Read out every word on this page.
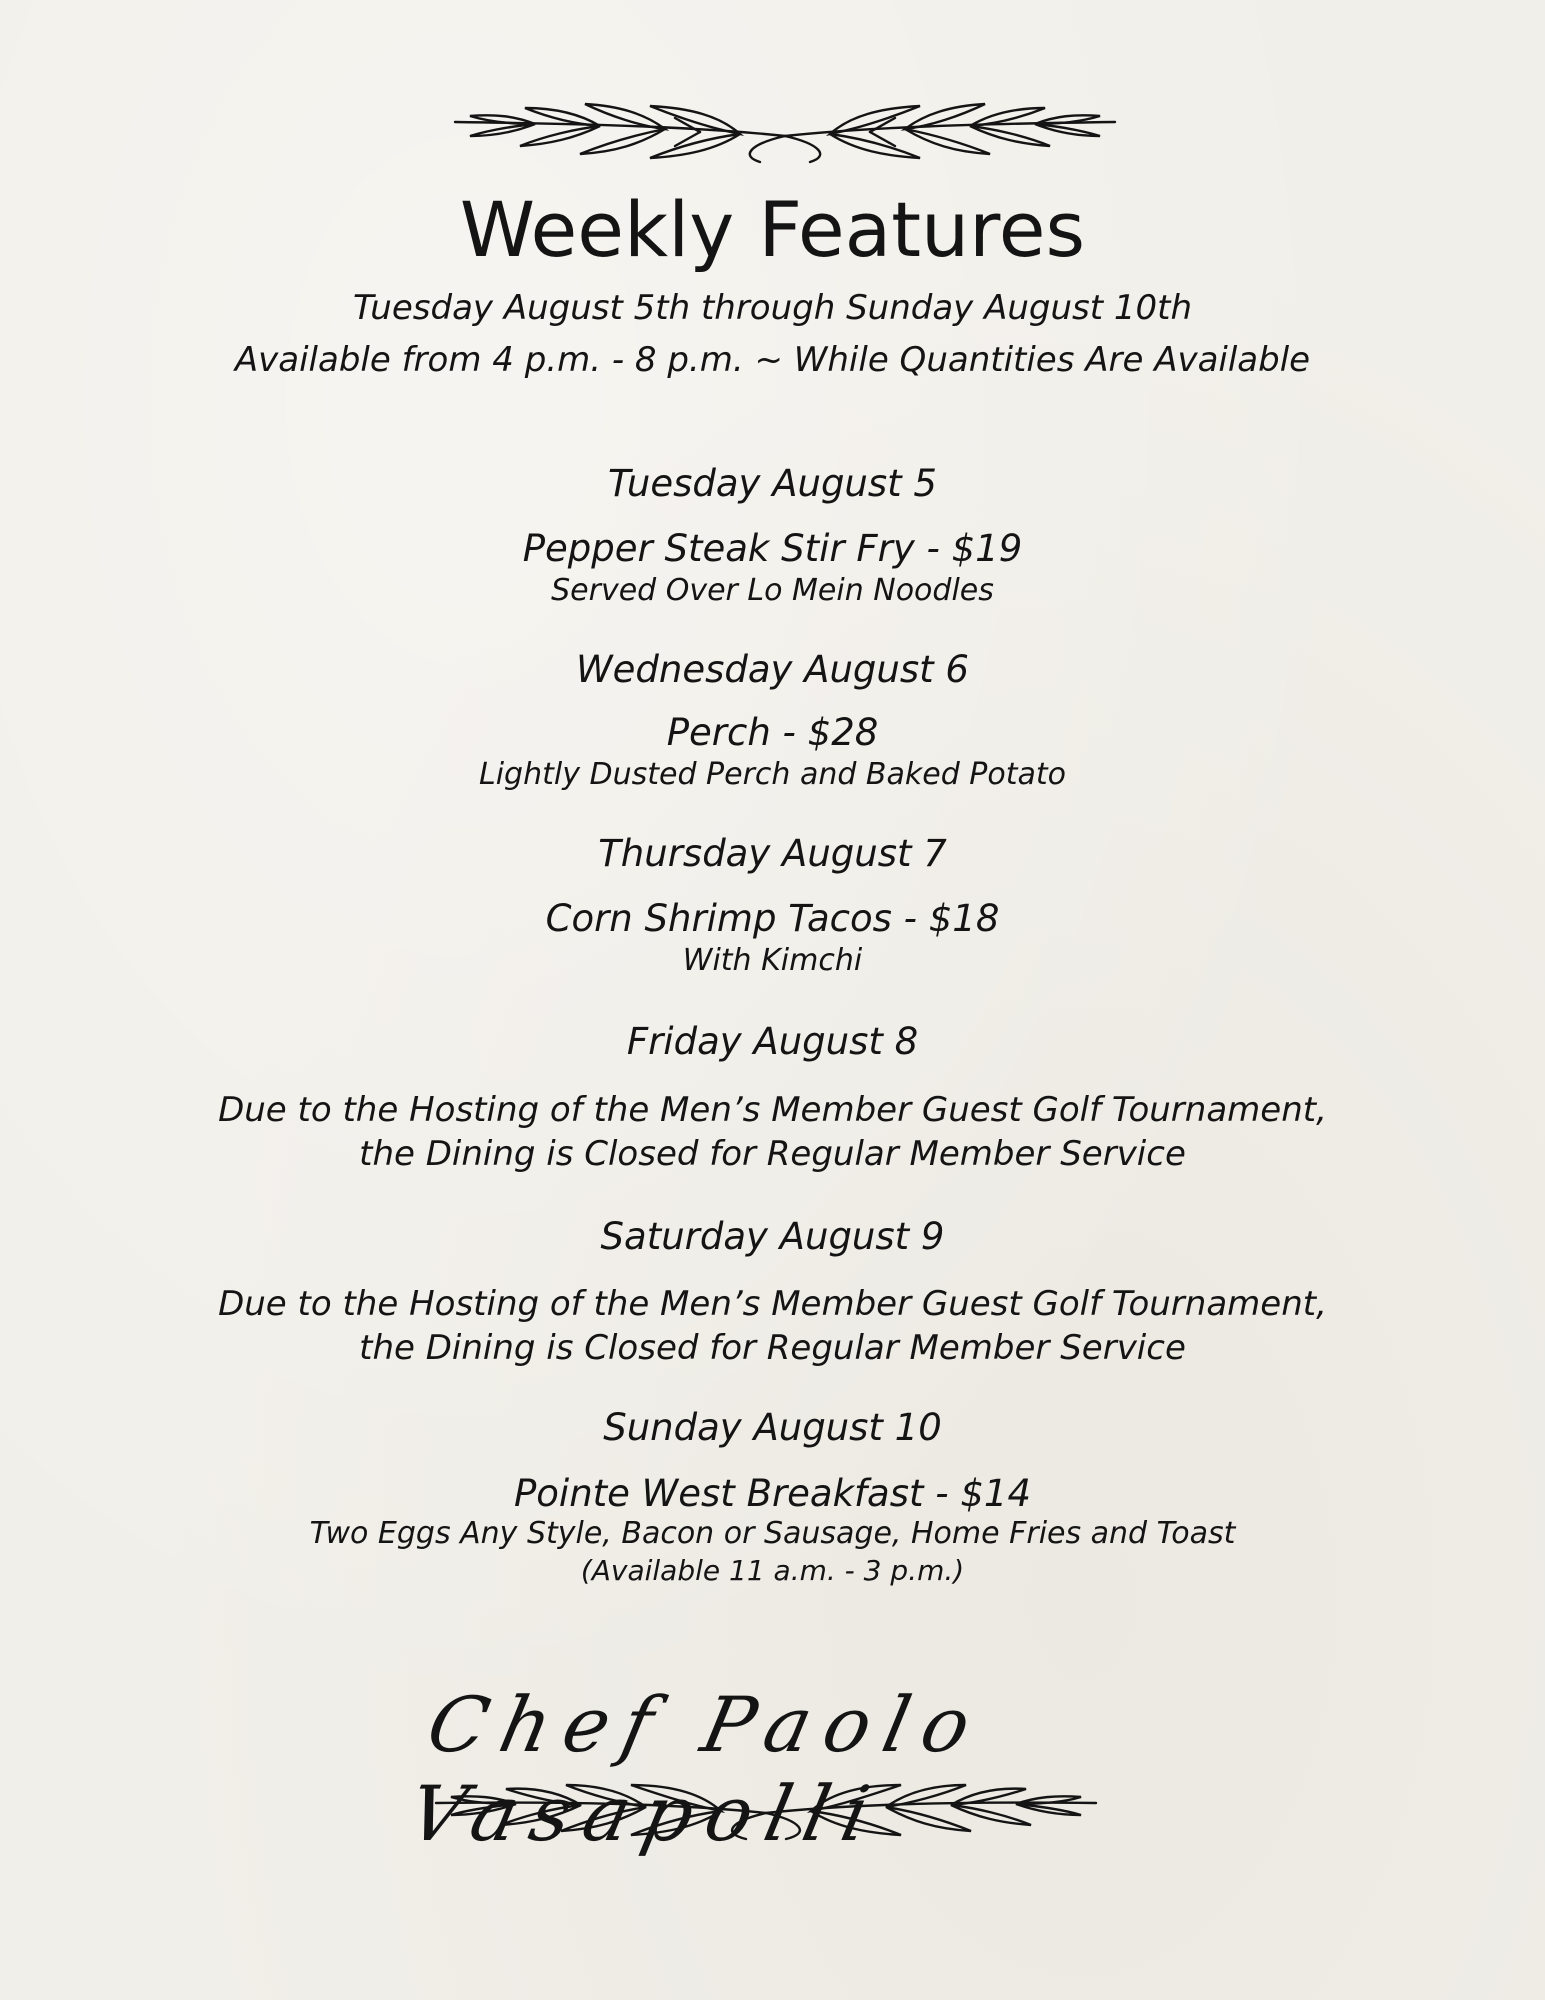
Weekly Features
Tuesday August 5th through Sunday August 10th
Available from 4 p.m. - 8 p.m. ~ While Quantities Are Available
Tuesday August 5
Pepper Steak Stir Fry - $19
Served Over Lo Mein Noodles
Wednesday August 6
Perch - $28
Lightly Dusted Perch and Baked Potato
Thursday August 7
Corn Shrimp Tacos - $18
With Kimchi
Friday August 8
Due to the Hosting of the Men’s Member Guest Golf Tournament,
the Dining is Closed for Regular Member Service
Saturday August 9
Due to the Hosting of the Men’s Member Guest Golf Tournament,
the Dining is Closed for Regular Member Service
Sunday August 10
Pointe West Breakfast - $14
Two Eggs Any Style, Bacon or Sausage, Home Fries and Toast
(Available 11 a.m. - 3 p.m.)
Chef Paolo Vasapolli
